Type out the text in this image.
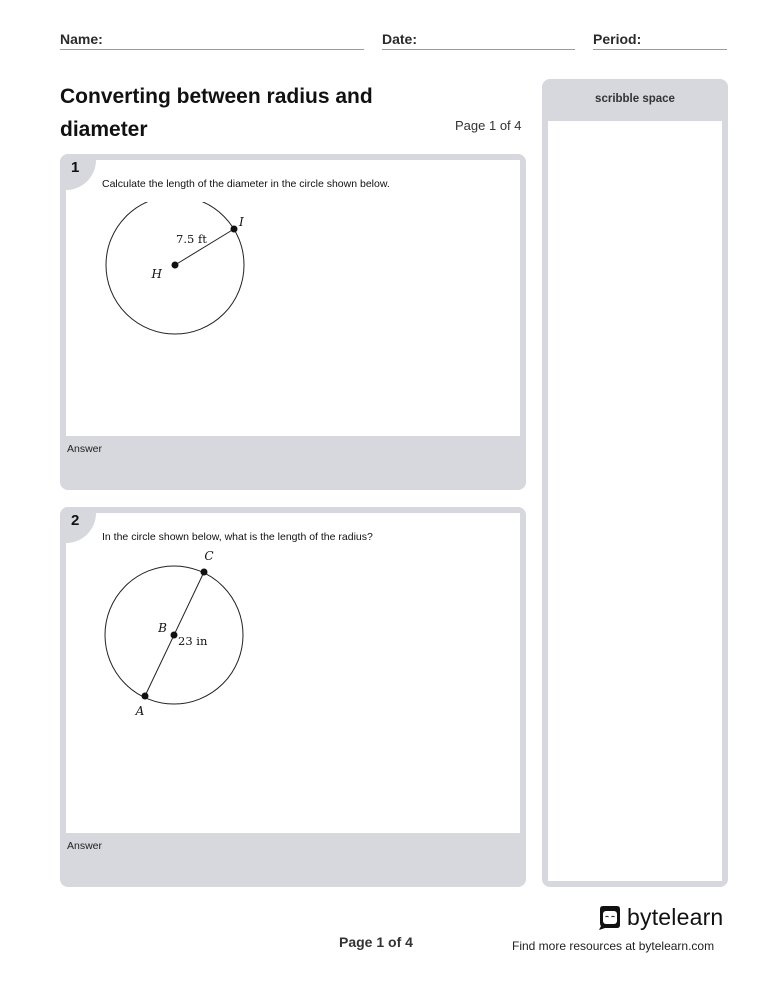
Name:	Date:	Period:
Converting between radius and diameter	Page 1 of 4
1
Calculate the length of the diameter in the circle shown below.
H
I
7.5 ft
Answer
2
In the circle shown below, what is the length of the radius?
C
B
A
23 in
Answer
scribble space
Page 1 of 4
bytelearn
Find more resources at bytelearn.com
